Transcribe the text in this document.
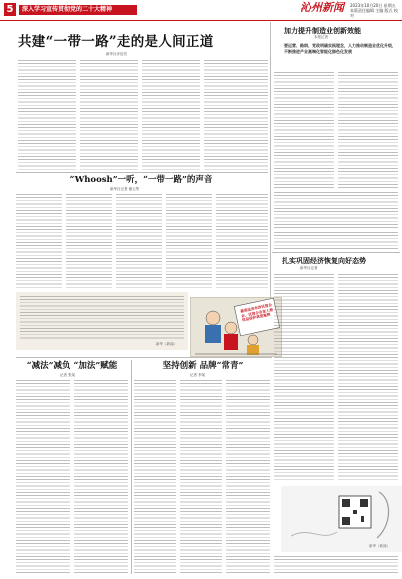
5	深入学习宣传贯彻党的二十大精神	沁州新闻	2023年10月20日 星期五
本版责任编辑 主编 版式 校对
共建“一带一路”走的是人间正道
新华社评论员
加力提升制造业创新效能
本报记者
要运营、路纲、党政明确实践理念，人力推动制造业优化升级，不断推进产业高端化智能化绿色化发展
“Whoosh”一听，“一带一路”的声音
新华社记者 谢云等
新华（新闻）
最高法发布涉民营企业、民营企业家人格权益保护典型案例
扎实巩固经济恢复向好态势
新华社记者
“减法”减负 “加法”赋能
记者 张某
坚持创新 品牌“常青”
记者 李某
新华（新闻）
